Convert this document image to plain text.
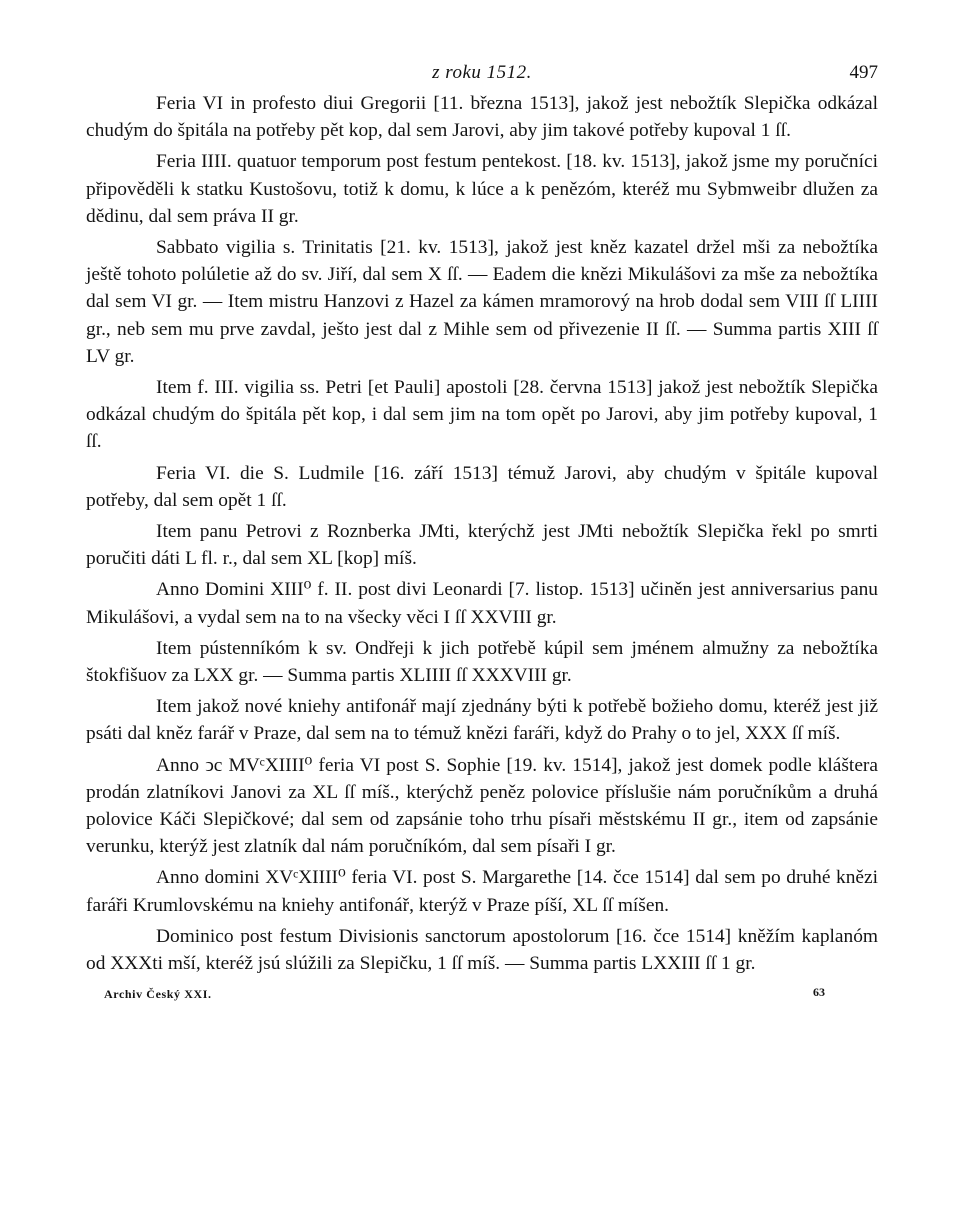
z roku 1512.	497

Feria VI in profesto diui Gregorii [11. března 1513], jakož jest nebožtík Slepička odkázal chudým do špitála na potřeby pět kop, dal sem Jarovi, aby jim takové potřeby kupoval 1 ſſ.

Feria IIII. quatuor temporum post festum pentekost. [18. kv. 1513], jakož jsme my poručníci připověděli k statku Kustošovu, totiž k domu, k lúce a k penězóm, kteréž mu Sybmweibr dlužen za dědinu, dal sem práva II gr.

Sabbato vigilia s. Trinitatis [21. kv. 1513], jakož jest kněz kazatel držel mši za nebožtíka ještě tohoto polúletie až do sv. Jiří, dal sem X ſſ. — Eadem die knězi Mikulášovi za mše za nebožtíka dal sem VI gr. — Item mistru Hanzovi z Hazel za kámen mramorový na hrob dodal sem VIII ſſ LIIII gr., neb sem mu prve zavdal, ješto jest dal z Mihle sem od přivezenie II ſſ. — Summa partis XIII ſſ LV gr.

Item f. III. vigilia ss. Petri [et Pauli] apostoli [28. června 1513] jakož jest nebožtík Slepička odkázal chudým do špitála pět kop, i dal sem jim na tom opět po Jarovi, aby jim potřeby kupoval, 1 ſſ.

Feria VI. die S. Ludmile [16. září 1513] témuž Jarovi, aby chudým v špitále kupoval potřeby, dal sem opět 1 ſſ.

Item panu Petrovi z Roznberka JMti, kterýchž jest JMti nebožtík Slepička řekl po smrti poručiti dáti L fl. r., dal sem XL [kop] míš.

Anno Domini XIII⁰ f. II. post divi Leonardi [7. listop. 1513] učiněn jest anniversarius panu Mikulášovi, a vydal sem na to na všecky věci I ſſ XXVIII gr.

Item pústenníkóm k sv. Ondřeji k jich potřebě kúpil sem jménem almužny za nebožtíka štokfišuov za LXX gr. — Summa partis XLIIII ſſ XXXVIII gr.

Item jakož nové kniehy antifonář mají zjednány býti k potřebě božieho domu, kteréž jest již psáti dal kněz farář v Praze, dal sem na to témuž knězi faráři, když do Prahy o to jel, XXX ſſ míš.

Anno ↄc MVᶜXIIII⁰ feria VI post S. Sophie [19. kv. 1514], jakož jest domek podle kláštera prodán zlatníkovi Janovi za XL ſſ míš., kterýchž peněz polovice příslušie nám poručníkům a druhá polovice Káči Slepičkové; dal sem od zapsánie toho trhu písaři městskému II gr., item od zapsánie verunku, kterýž jest zlatník dal nám poručníkóm, dal sem písaři I gr.

Anno domini XVᶜXIIII⁰ feria VI. post S. Margarethe [14. čce 1514] dal sem po druhé knězi faráři Krumlovskému na kniehy antifonář, kterýž v Praze píší, XL ſſ míšen.

Dominico post festum Divisionis sanctorum apostolorum [16. čce 1514] kněžím kaplanóm od XXXti mší, kteréž jsú slúžili za Slepičku, 1 ſſ míš. — Summa partis LXXIII ſſ 1 gr.

Archiv Český XXI.	63
